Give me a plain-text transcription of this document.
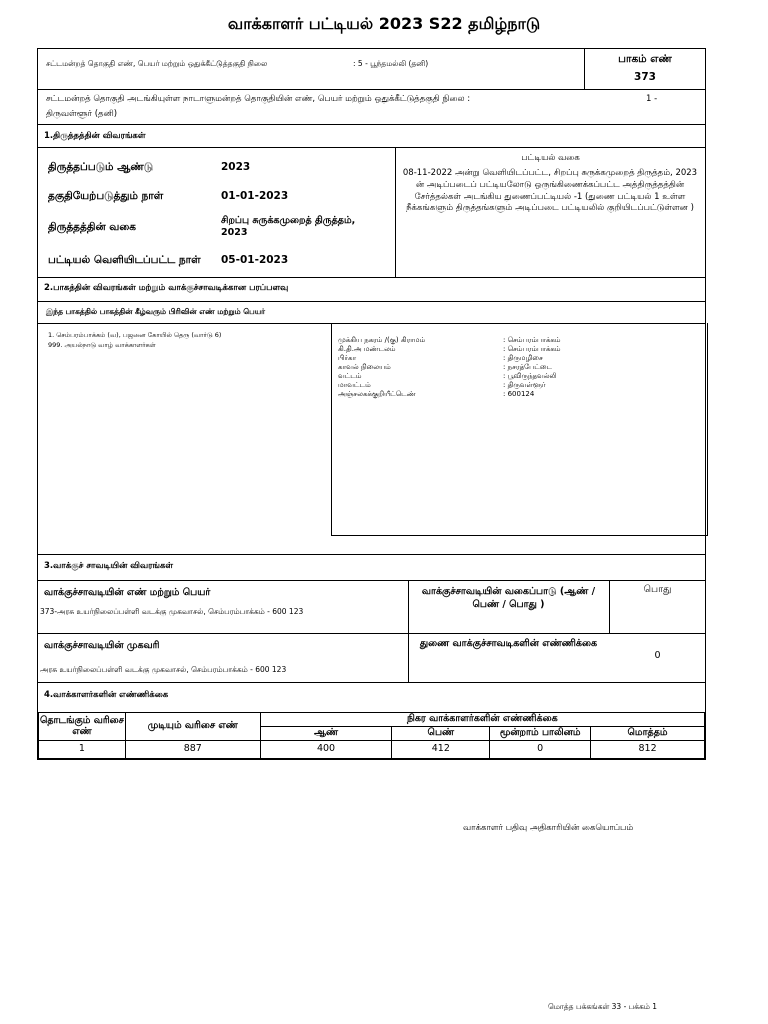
வாக்காளர் பட்டியல் 2023 S22 தமிழ்நாடு
சட்டமன்றத் தொகுதி எண், பெயர் மற்றும் ஒதுக்கீட்டுத்தகுதி நிலை	: 5 - பூந்தமல்லி (தனி)	பாகம் எண்
373
சட்டமன்றத் தொகுதி அடங்கியுள்ள நாடாளுமன்றத் தொகுதியின் எண், பெயர் மற்றும் ஒதுக்கீட்டுத்தகுதி நிலை :	1 -
திருவள்ளூர் (தனி)
1.திருத்தத்தின் விவரங்கள்
திருத்தப்படும் ஆண்டு	2023
தகுதியேற்படுத்தும் நாள்	01-01-2023
திருத்தத்தின் வகை
சிறப்பு சுருக்கமுறைத் திருத்தம், 2023
பட்டியல் வெளியிடப்பட்ட நாள் 05-01-2023
பட்டியல் வகை
08-11-2022 அன்று வெளியிடப்பட்ட, சிறப்பு சுருக்கமுறைத் திருத்தம், 2023 ன் அடிப்படைப் பட்டியலோடு ஒருங்கிணைக்கப்பட்ட அத்திருத்தத்தின் சேர்த்தல்கள் அடங்கிய துணைப்பட்டியல் -1 (துணை பட்டியல் 1 உள்ள நீக்கங்களும் திருத்தங்களும் அடிப்படை பட்டியலில் குறியிடப்பட்டுள்ளன )
2.பாகத்தின் விவரங்கள் மற்றும் வாக்குச்சாவடிக்கான பரப்பளவு
இந்த பாகத்தில் பாகத்தின் கீழ்வரும் பிரிவின் எண் மற்றும் பெயர்
1. செம்பரம்பாக்கம் (வ), பஜனை கோயில் தெரு (வார்டு 6)
999. அயல்நாடு வாழ் வாக்காளர்கள்
முக்கிய நகரம் /(கு) கிராமம்	: செம்பரம்பாக்கம்
கி.தி.அ மண்டலம்	: செம்பரம்பாக்கம்
பிர்கா	: திருமழிசை
காவல் நிலையம்	: நசரத்பேட்டை
வட்டம்	: பூவிருந்தவல்லி
மாவட்டம்	: திருவள்ளூர்
அஞ்சலகக்குறியீட்டெண்	: 600124
3.வாக்குச் சாவடியின் விவரங்கள்
வாக்குச்சாவடியின் எண் மற்றும் பெயர்
373-அரசு உயர்நிலைப்பள்ளி வடக்கு முகவாசல், செம்பரம்பாக்கம் - 600 123
வாக்குச்சாவடியின் வகைப்பாடு (ஆண் / பெண் / பொது )
பொது
வாக்குச்சாவடியின் முகவரி
அரசு உயர்நிலைப்பள்ளி வடக்கு முகவாசல், செம்பரம்பாக்கம் - 600 123
துணை வாக்குச்சாவடிகளின் எண்ணிக்கை
0
4.வாக்காளர்களின் எண்ணிக்கை
தொடங்கும் வரிசை எண்	முடியும் வரிசை எண்	நிகர வாக்காளர்களின் எண்ணிக்கை			
		ஆண்	பெண்	மூன்றாம் பாலினம்	மொத்தம்
1	887	400	412	0	812
வாக்காளர் பதிவு அதிகாரியின் கையொப்பம்
மொத்த பக்கங்கள் 33 - பக்கம் 1
